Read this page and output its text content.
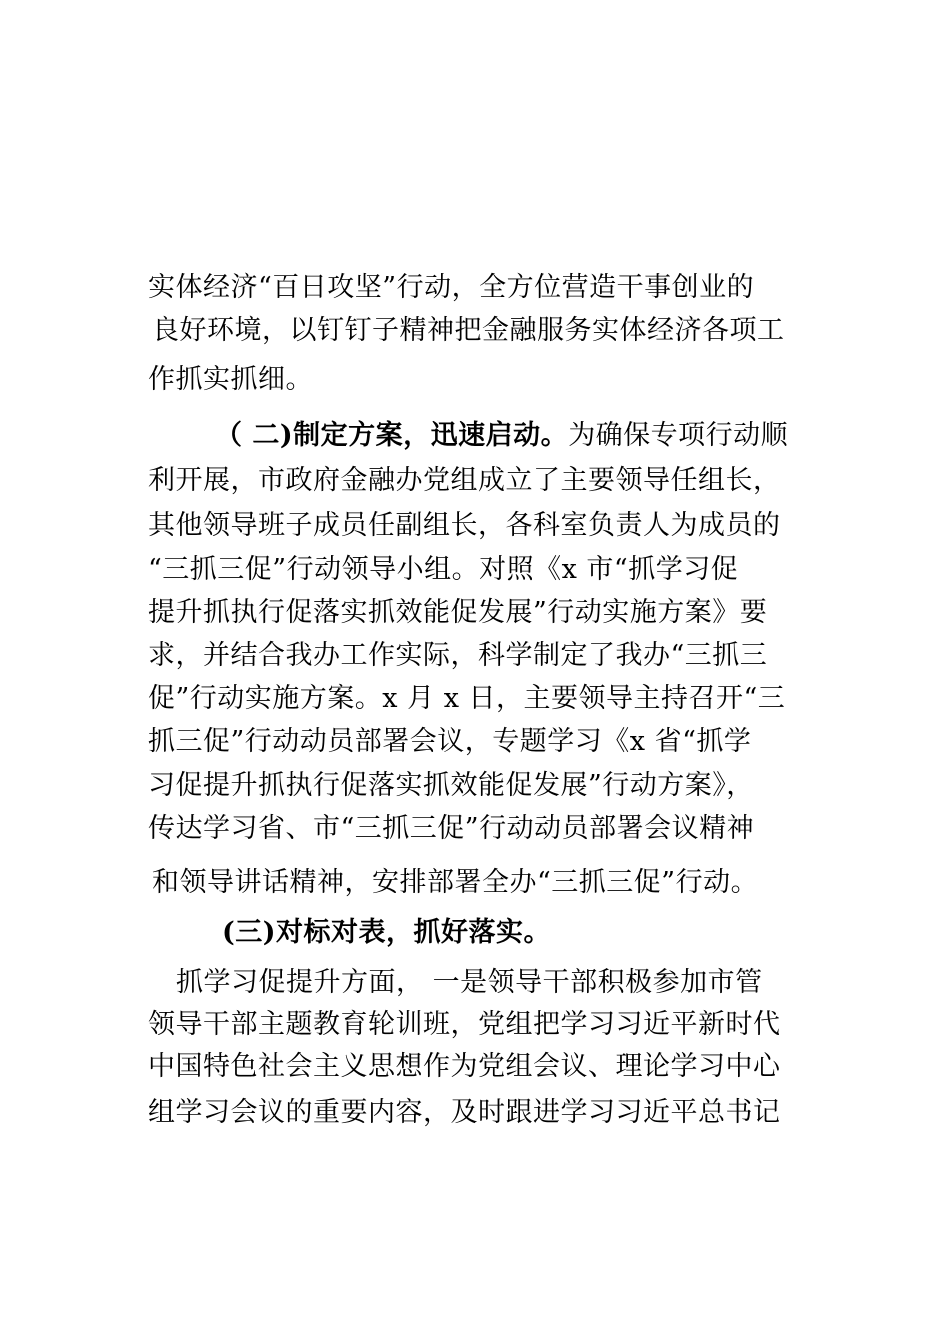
实体经济“百日攻坚”行动，全方位营造干事创业的
良好环境，以钉钉子精神把金融服务实体经济各项工
作抓实抓细。
（ 二)制定方案，迅速启动。为确保专项行动顺
利开展，市政府金融办党组成立了主要领导任组长，
其他领导班子成员任副组长，各科室负责人为成员的
“三抓三促”行动领导小组。对照《x 市“抓学习促
提升抓执行促落实抓效能促发展”行动实施方案》要
求，并结合我办工作实际，科学制定了我办“三抓三
促”行动实施方案。x 月 x 日，主要领导主持召开“三
抓三促”行动动员部署会议，专题学习《x 省“抓学
习促提升抓执行促落实抓效能促发展”行动方案》，
传达学习省、市“三抓三促”行动动员部署会议精神
和领导讲话精神，安排部署全办“三抓三促”行动。
(三)对标对表，抓好落实。
抓学习促提升方面， 一是领导干部积极参加市管
领导干部主题教育轮训班，党组把学习习近平新时代
中国特色社会主义思想作为党组会议、理论学习中心
组学习会议的重要内容，及时跟进学习习近平总书记
